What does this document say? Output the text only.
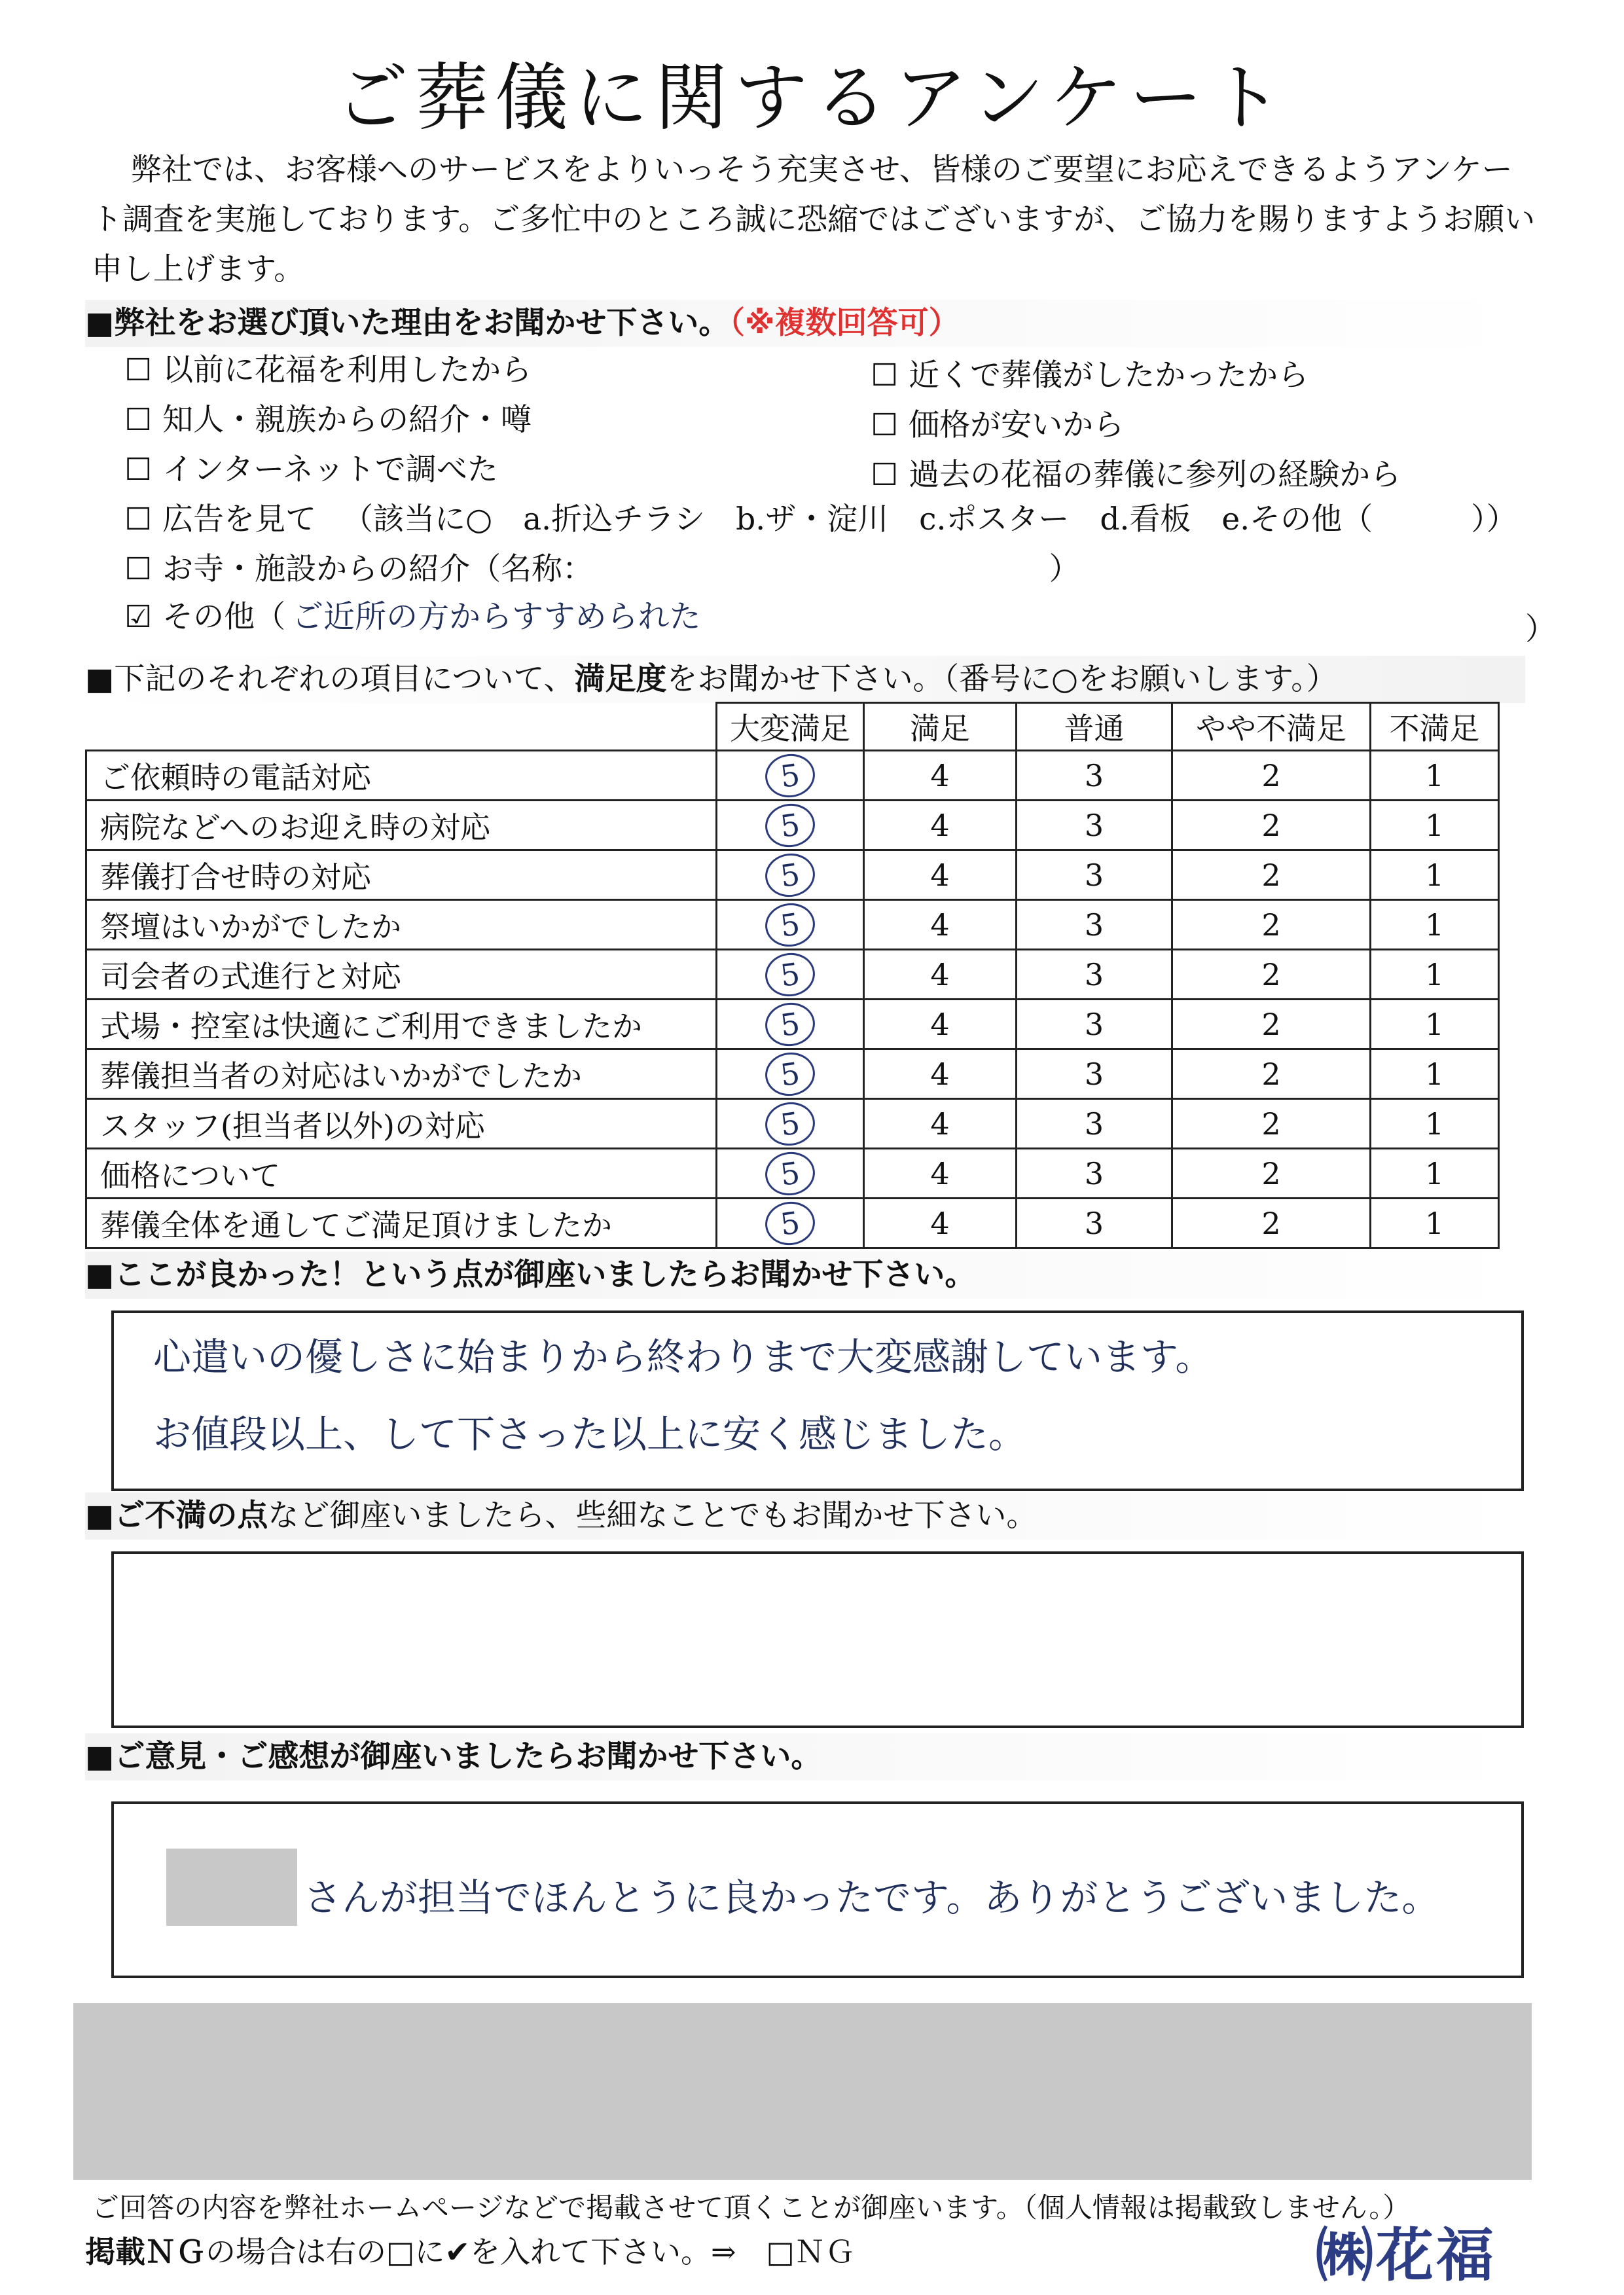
ご葬儀に関するアンケート
弊社では、お客様へのサービスをよりいっそう充実させ、皆様のご要望にお応えできるようアンケート調査を実施しております。ご多忙中のところ誠に恐縮ではございますが、ご協力を賜りますようお願い申し上げます。
■弊社をお選び頂いた理由をお聞かせ下さい。（※複数回答可）
☐ 以前に花福を利用したから	☐ 近くで葬儀がしたかったから
☐ 知人・親族からの紹介・噂	☐ 価格が安いから
☐ インターネットで調べた	☐ 過去の花福の葬儀に参列の経験から
☐ 広告を見て （該当に○　a.折込チラシ　b.ザ・淀川　c.ポスター　d.看板　e.その他（	））
☐ お寺・施設からの紹介（名称：	）
☑ その他（ ご近所の方からすすめられた	）
■下記のそれぞれの項目について、満足度をお聞かせ下さい。（番号に○をお願いします。）
	大変満足	満足	普通	やや不満足	不満足
ご依頼時の電話対応	5	4	3	2	1
病院などへのお迎え時の対応	5	4	3	2	1
葬儀打合せ時の対応	5	4	3	2	1
祭壇はいかがでしたか	5	4	3	2	1
司会者の式進行と対応	5	4	3	2	1
式場・控室は快適にご利用できましたか	5	4	3	2	1
葬儀担当者の対応はいかがでしたか	5	4	3	2	1
スタッフ(担当者以外)の対応	5	4	3	2	1
価格について	5	4	3	2	1
葬儀全体を通してご満足頂けましたか	5	4	3	2	1
■ここが良かった！という点が御座いましたらお聞かせ下さい。
心遣いの優しさに始まりから終わりまで大変感謝しています。
お値段以上、して下さった以上に安く感じました。
■ご不満の点など御座いましたら、些細なことでもお聞かせ下さい。
■ご意見・ご感想が御座いましたらお聞かせ下さい。
さんが担当でほんとうに良かったです。ありがとうございました。
ご回答の内容を弊社ホームページなどで掲載させて頂くことが御座います。（個人情報は掲載致しません。）
掲載ＮＧの場合は右の□に✔を入れて下さい。⇒　□ＮＧ	㈱花福
